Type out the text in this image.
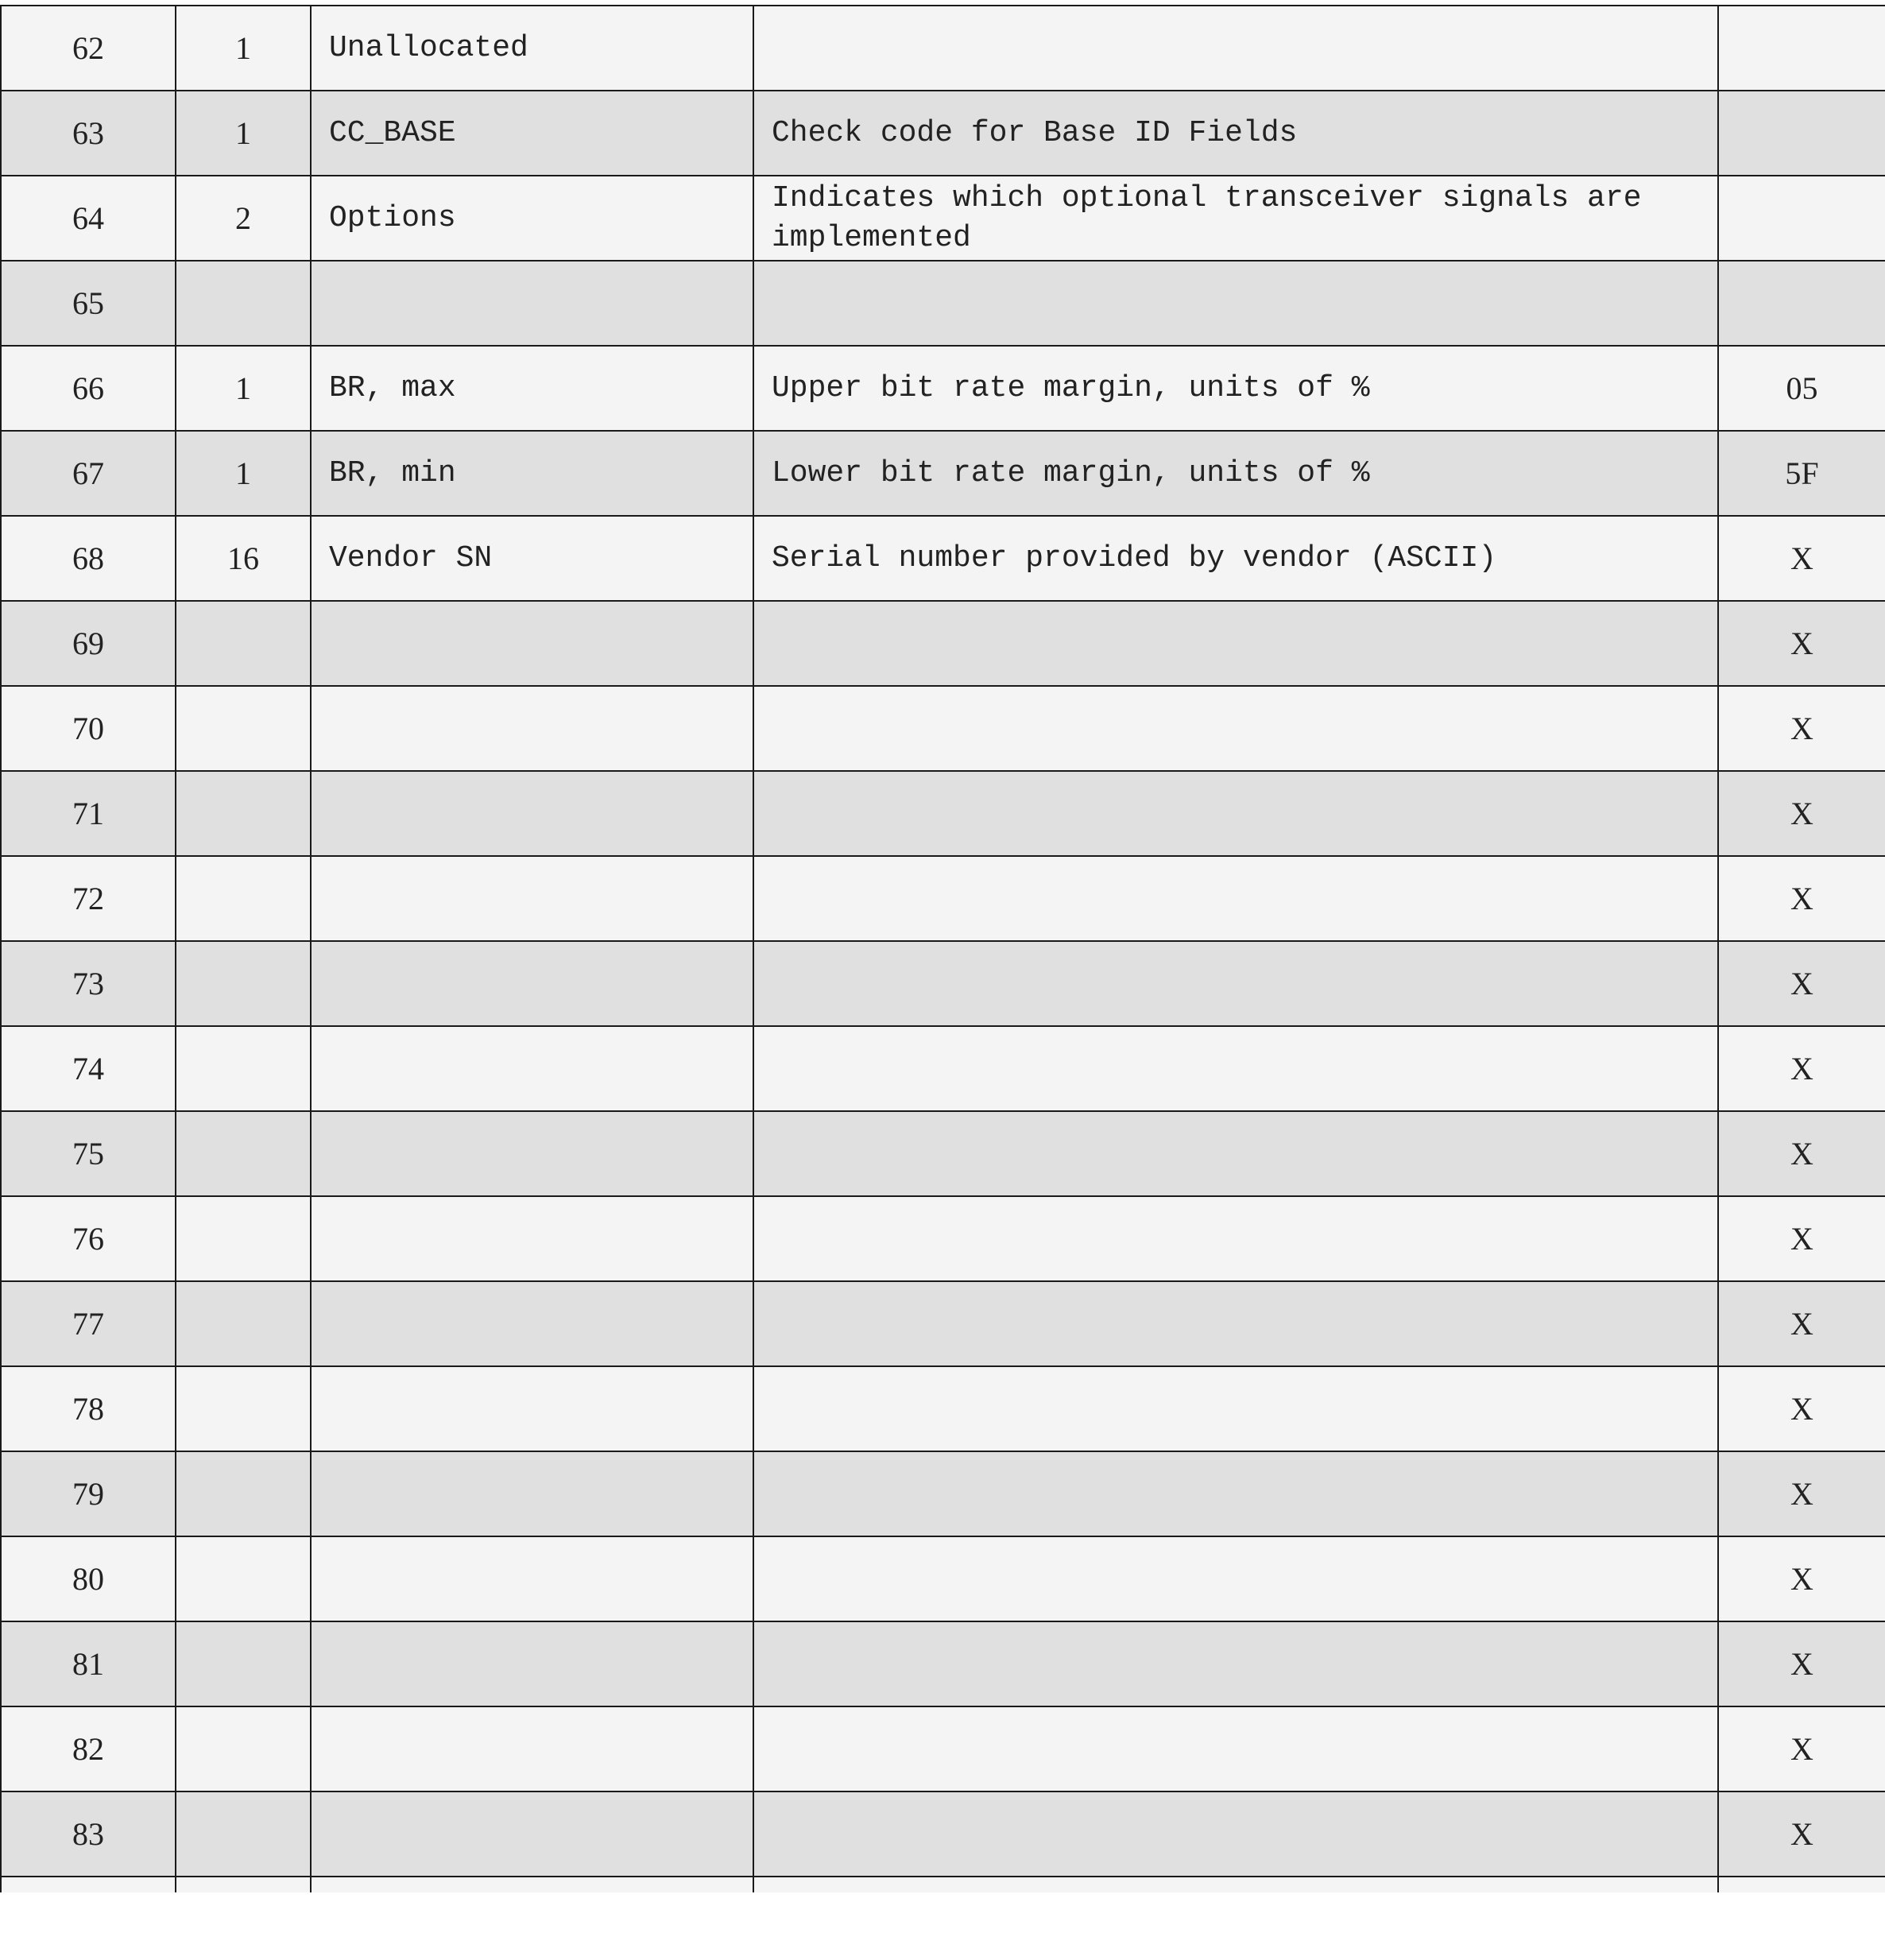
62	1	Unallocated		
63	1	CC_BASE	Check code for Base ID Fields	
64	2	Options	Indicates which optional transceiver signals are implemented	
65				
66	1	BR, max	Upper bit rate margin, units of %	05
67	1	BR, min	Lower bit rate margin, units of %	5F
68	16	Vendor SN	Serial number provided by vendor (ASCII)	X
69				X
70				X
71				X
72				X
73				X
74				X
75				X
76				X
77				X
78				X
79				X
80				X
81				X
82				X
83				X
